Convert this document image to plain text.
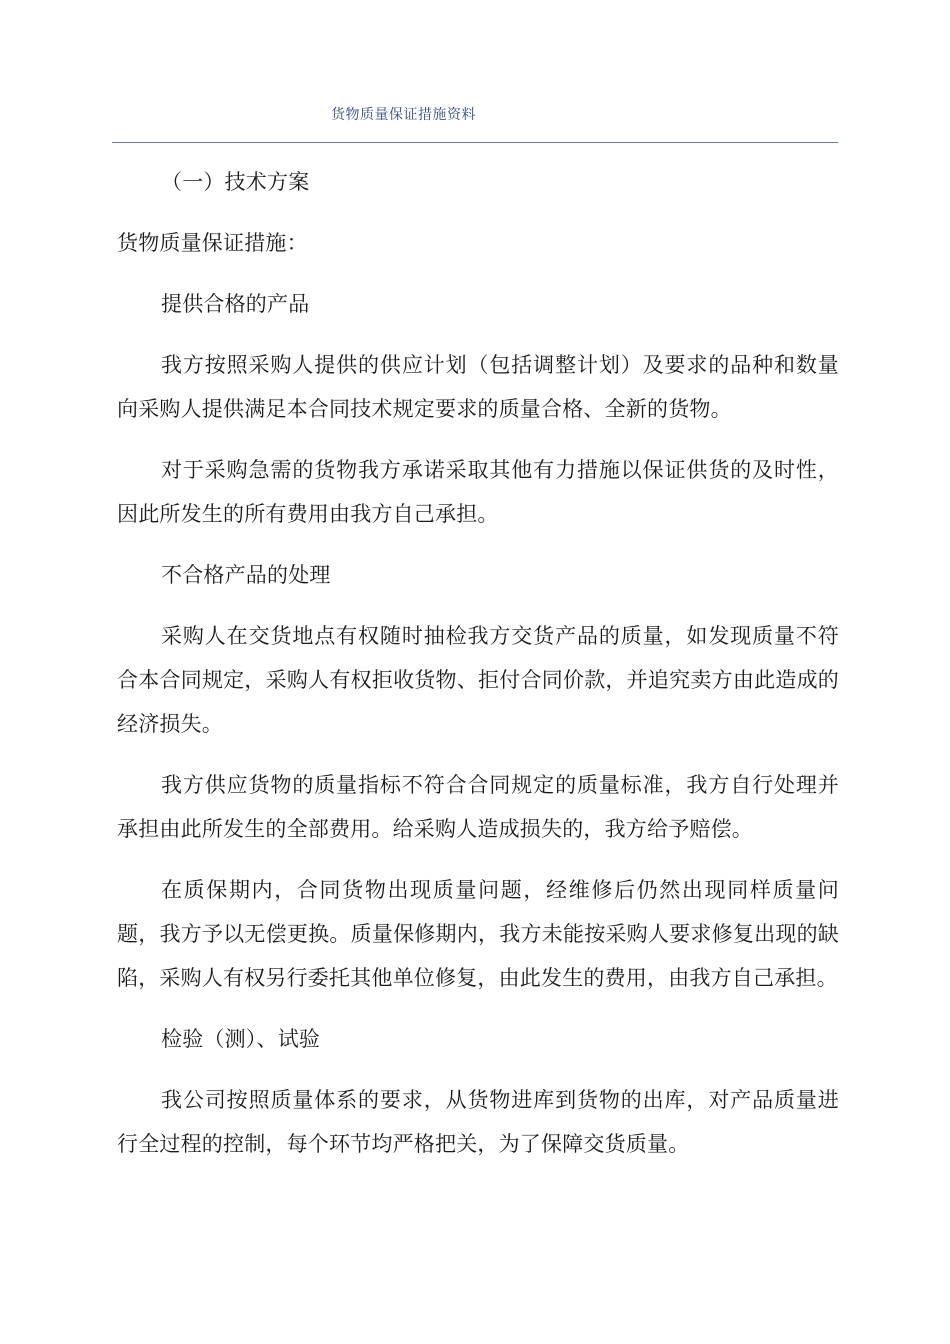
货物质量保证措施资料

（一）技术方案

货物质量保证措施：

提供合格的产品

我方按照采购人提供的供应计划（包括调整计划）及要求的品种和数量向采购人提供满足本合同技术规定要求的质量合格、全新的货物。

对于采购急需的货物我方承诺采取其他有力措施以保证供货的及时性，因此所发生的所有费用由我方自己承担。

不合格产品的处理

采购人在交货地点有权随时抽检我方交货产品的质量，如发现质量不符合本合同规定，采购人有权拒收货物、拒付合同价款，并追究卖方由此造成的经济损失。

我方供应货物的质量指标不符合合同规定的质量标准，我方自行处理并承担由此所发生的全部费用。给采购人造成损失的，我方给予赔偿。

在质保期内，合同货物出现质量问题，经维修后仍然出现同样质量问题，我方予以无偿更换。质量保修期内，我方未能按采购人要求修复出现的缺陷，采购人有权另行委托其他单位修复，由此发生的费用，由我方自己承担。

检验（测）、试验

我公司按照质量体系的要求，从货物进库到货物的出库，对产品质量进行全过程的控制，每个环节均严格把关，为了保障交货质量。
